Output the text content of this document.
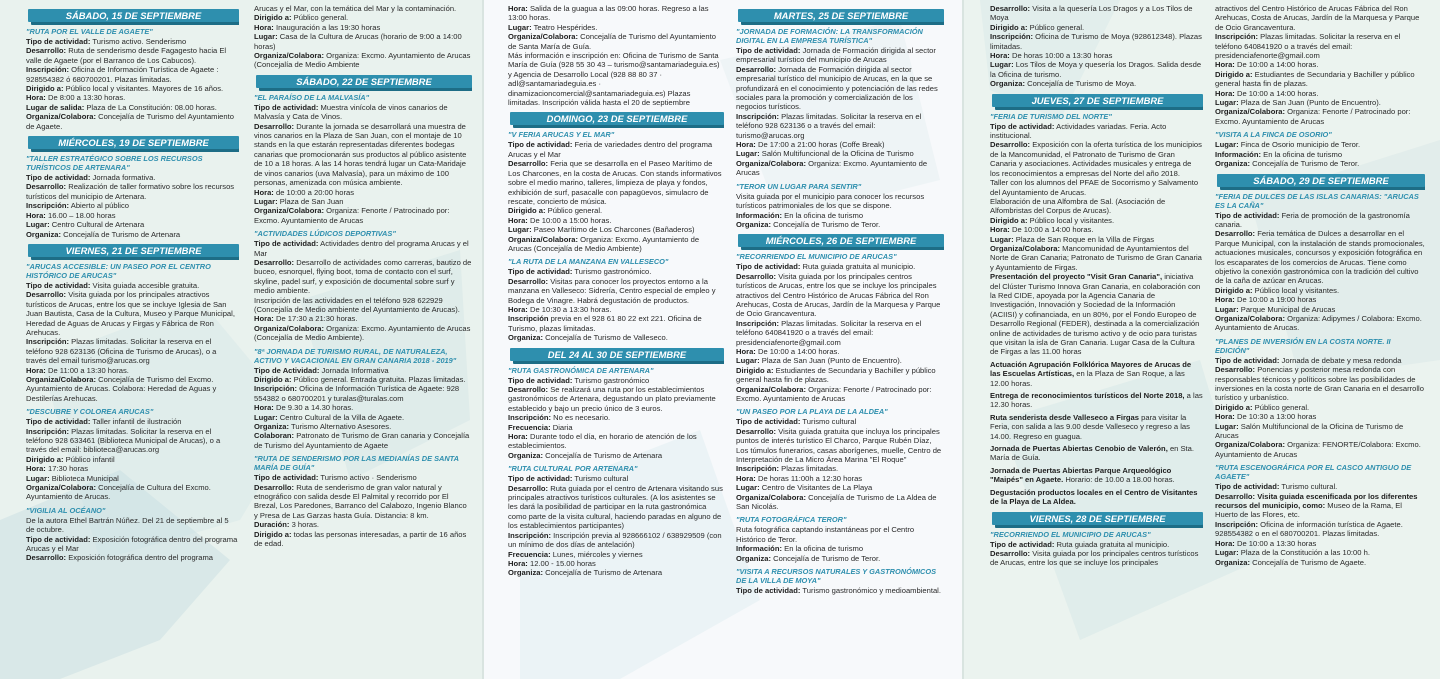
SÁBADO, 15 DE SEPTIEMBRE
"RUTA POR EL VALLE DE AGAETE"
Tipo de actividad: Turismo activo. Senderismo
Desarrollo: Ruta de senderismo desde Fagagesto hacia El valle de Agaete (por el Barranco de Los Cabucos).
Inscripción: Oficina de Información Turística de Agaete : 928554382 ó 680700201. Plazas limitadas.
Dirigido a: Público local y visitantes. Mayores de 16 años.
Hora: De 8:00 a 13:30 horas.
Lugar de salida: Plaza de La Constitución: 08.00 horas.
Organiza/Colabora: Concejalía de Turismo del Ayuntamiento de Agaete.
MIÉRCOLES, 19 DE SEPTIEMBRE
"TALLER ESTRATÉGICO SOBRE LOS RECURSOS TURÍSTICOS DE ARTENARA"
Tipo de actividad: Jornada formativa.
Desarrollo: Realización de taller formativo sobre los recursos turísticos del municipio de Artenara.
Inscripción: Abierto al público
Hora: 16.00 – 18.00 horas
Lugar: Centro Cultural de Artenara
Organiza: Concejalía de Turismo de Artenara
VIERNES, 21 DE SEPTIEMBRE
"ARUCAS ACCESIBLE: UN PASEO POR EL CENTRO HISTÓRICO DE ARUCAS"
Tipo de actividad: Visita guiada accesible gratuita.
Desarrollo: Visita guiada por los principales atractivos turísticos de Arucas, entre los que se incluye Iglesia de San Juan Bautista, Casa de la Cultura, Museo y Parque Municipal, Heredad de Aguas de Arucas y Firgas y Fábrica de Ron Arehucas.
Inscripción: Plazas limitadas. Solicitar la reserva en el teléfono 928 623136 (Oficina de Turismo de Arucas), o a través del email turismo@arucas.org
Hora: De 11:00 a 13:30 horas.
Organiza/Colabora: Concejalía de Turismo del Excmo. Ayuntamiento de Arucas. Colabora: Heredad de Aguas y Destilerías Arehucas.
"DESCUBRE Y COLOREA ARUCAS"
Tipo de actividad: Taller infantil de ilustración
Inscripción: Plazas limitadas. Solicitar la reserva en el teléfono 928 633461 (Biblioteca Municipal de Arucas), o a través del email: biblioteca@arucas.org
Dirigido a: Público infantil
Hora: 17:30 horas
Lugar: Biblioteca Municipal
Organiza/Colabora: Concejalía de Cultura del Excmo. Ayuntamiento de Arucas.
"VIGILIA AL OCÉANO"
De la autora Ethel Bartrán Núñez. Del 21 de septiembre al 5 de octubre.
Tipo de actividad: Exposición fotográfica dentro del programa Arucas y el Mar
Desarrollo: Exposición fotográfica dentro del programa
Arucas y el Mar, con la temática del Mar y la contaminación.
Dirigido a: Público general.
Hora: Inauguración a las 19:30 horas
Lugar: Casa de la Cultura de Arucas (horario de 9:00 a 14:00 horas)
Organiza/Colabora: Organiza: Excmo. Ayuntamiento de Arucas (Concejalía de Medio Ambiente
SÁBADO, 22 DE SEPTIEMBRE
"EL PARAÍSO DE LA MALVASÍA"
Tipo de actividad: Muestra vinícola de vinos canarios de Malvasía y Cata de Vinos.
Desarrollo: Durante la jornada se desarrollará una muestra de vinos canarios en la Plaza de San Juan, con el montaje de 10 stands en la que estarán representadas diferentes bodegas canarias que promocionarán sus productos al público asistente de 10 a 18 horas. A las 14 horas tendrá lugar un Cata-Maridaje de vinos canarios (uva Malvasía), para un máximo de 100 personas, amenizada con música ambiente.
Hora: de 10:00 a 20:00 horas
Lugar: Plaza de San Juan
Organiza/Colabora: Organiza: Fenorte / Patrocinado por: Excmo. Ayuntamiento de Arucas
"ACTIVIDADES LÚDICOS DEPORTIVAS"
Tipo de actividad: Actividades dentro del programa Arucas y el Mar
Desarrollo: Desarrollo de actividades como carreras, bautizo de buceo, esnorquel, flying boot, toma de contacto con el surf, skyline, padel surf, y exposición de documental sobre surf y medio ambiente.
Inscripción de las actividades en el teléfono 928 622929 (Concejalía de Medio ambiente del Ayuntamiento de Arucas).
Hora: De 17:30 a 21:30 horas.
Organiza/Colabora: Organiza: Excmo. Ayuntamiento de Arucas (Concejalía de Medio Ambiente).
"8ª JORNADA DE TURISMO RURAL, DE NATURALEZA, ACTIVO Y VACACIONAL EN GRAN CANARIA 2018 - 2019"
Tipo de Actividad: Jornada Informativa
Dirigido a: Público general. Entrada gratuita. Plazas limitadas.
Inscripción: Oficina de Información Turística de Agaete: 928 554382 o 680700201 y turalas@turalas.com
Hora: De 9.30 a 14.30 horas.
Lugar: Centro Cultural de la Villa de Agaete.
Organiza: Turismo Alternativo Asesores.
Colaboran: Patronato de Turismo de Gran canaria y Concejalía de Turismo del Ayuntamiento de Agaete
"RUTA DE SENDERISMO POR LAS MEDIANÍAS DE SANTA MARÍA DE GUÍA"
Tipo de actividad: Turismo activo · Senderismo
Desarrollo: Ruta de senderismo de gran valor natural y etnográfico con salida desde El Palmital y recorrido por El Brezal, Los Paredones, Barranco del Calabozo, Ingenio Blanco y Presa de Las Garzas hasta Guía. Distancia: 8 km.
Duración: 3 horas.
Dirigido a: todas las personas interesadas, a partir de 16 años de edad.
Hora: Salida de la guagua a las 09:00 horas. Regreso a las 13:00 horas.
Lugar: Teatro Hespérides.
Organiza/Colabora: Concejalía de Turismo del Ayuntamiento de Santa María de Guía.
Más información e inscripción en: Oficina de Turismo de Santa María de Guía (928 55 30 43 – turismo@santamariadeguia.es) y Agencia de Desarrollo Local (928 88 80 37 · adl@santamariadeguia.es · dinamizacioncomercial@santamariadeguia.es) Plazas limitadas. Inscripción válida hasta el 20 de septiembre
DOMINGO, 23 DE SEPTIEMBRE
"V FERIA ARUCAS Y EL MAR"
Tipo de actividad: Feria de variedades dentro del programa Arucas y el Mar
Desarrollo: Feria que se desarrolla en el Paseo Marítimo de Los Charcones, en la costa de Arucas. Con stands informativos sobre el medio marino, talleres, limpieza de playa y fondos, exhibición de surf, pasacalle con papagüevos, simulacro de rescate, concierto de música.
Dirigido a: Público general.
Hora: De 10:00 a 15:00 horas.
Lugar: Paseo Marítimo de Los Charcones (Bañaderos)
Organiza/Colabora: Organiza: Excmo. Ayuntamiento de Arucas (Concejalía de Medio Ambiente)
"LA RUTA DE LA MANZANA EN VALLESECO"
Tipo de actividad: Turismo gastronómico.
Desarrollo: Visitas para conocer los proyectos entorno a la manzana en Valleseco: Sidrería, Centro especial de empleo y Bodega de Vinagre. Habrá degustación de productos.
Hora: De 10:30 a 13:30 horas.
Inscripción previa en el 928 61 80 22 ext 221. Oficina de Turismo, plazas limitadas.
Organiza: Concejalía de Turismo de Valleseco.
DEL 24 AL 30 DE SEPTIEMBRE
"RUTA GASTRONÓMICA DE ARTENARA"
Tipo de actividad: Turismo gastronómico
Desarrollo: Se realizará una ruta por los establecimientos gastronómicos de Artenara, degustando un plato previamente establecido y bajo un precio único de 3 euros.
Inscripción: No es necesario.
Frecuencia: Diaria
Hora: Durante todo el día, en horario de atención de los establecimientos.
Organiza: Concejalía de Turismo de Artenara
"RUTA CULTURAL POR ARTENARA"
Tipo de actividad: Turismo cultural
Desarrollo: Ruta guiada por el centro de Artenara visitando sus principales atractivos turísticos culturales. (A los asistentes se les dará la posibilidad de participar en la ruta gastronómica como parte de la visita cultural, haciendo paradas en alguno de los establecimientos participantes)
Inscripción: Inscripción previa al 928666102 / 638929509 (con un mínimo de dos días de antelación)
Frecuencia: Lunes, miércoles y viernes
Hora: 12.00 - 15.00 horas
Organiza: Concejalía de Turismo de Artenara
MARTES, 25 DE SEPTIEMBRE
"JORNADA DE FORMACIÓN: LA TRANSFORMACIÓN DIGITAL EN LA EMPRESA TURÍSTICA"
Tipo de actividad: Jornada de Formación dirigida al sector empresarial turístico del municipio de Arucas
Desarrollo: Jornada de Formación dirigida al sector empresarial turístico del municipio de Arucas, en la que se profundizará en el conocimiento y potenciación de las redes sociales para la promoción y comercialización de los negocios turísticos.
Inscripción: Plazas limitadas. Solicitar la reserva en el teléfono 928 623136 o a través del email: turismo@arucas.org
Hora: De 17:00 a 21:00 horas (Coffe Break)
Lugar: Salón Multifuncional de la Oficina de Turismo
Organiza/Colabora: Organiza: Excmo. Ayuntamiento de Arucas
"TEROR UN LUGAR PARA SENTIR"
Visita guiada por el municipio para conocer los recursos turísticos patrimoniales de los que se dispone.
Información: En la oficina de turismo
Organiza: Concejalía de Turismo de Teror.
MIÉRCOLES, 26 DE SEPTIEMBRE
"RECORRIENDO EL MUNICIPIO DE ARUCAS"
Tipo de actividad: Ruta guiada gratuita al municipio.
Desarrollo: Visita guiada por los principales centros turísticos de Arucas, entre los que se incluye los principales atractivos del Centro Histórico de Arucas Fábrica del Ron Arehucas, Costa de Arucas, Jardín de la Marquesa y Parque de Ocio Grancaventura.
Inscripción: Plazas limitadas. Solicitar la reserva en el teléfono 640841920 o a través del email: presidenciafenorte@gmail.com
Hora: De 10:00 a 14:00 horas.
Lugar: Plaza de San Juan (Punto de Encuentro).
Dirigido a: Estudiantes de Secundaria y Bachiller y público general hasta fin de plazas.
Organiza/Colabora: Organiza: Fenorte / Patrocinado por: Excmo. Ayuntamiento de Arucas
"UN PASEO POR LA PLAYA DE LA ALDEA"
Tipo de actividad: Turismo cultural
Desarrollo: Visita guiada gratuita que incluya los principales puntos de interés turístico El Charco, Parque Rubén Díaz, Los túmulos funerarios, casas aborígenes, muelle, Centro de Interpretación de La Micro Área Marina "El Roque"
Inscripción: Plazas limitadas.
Hora: De horas 11:00h a 12:30 horas
Lugar: Centro de Visitantes de La Playa
Organiza/Colabora: Concejalía de Turismo de La Aldea de San Nicolás.
"RUTA FOTOGRÁFICA TEROR"
Ruta fotográfica captando instantáneas por el Centro Histórico de Teror.
Información: En la oficina de turismo
Organiza: Concejalía de Turismo de Teror.
"VISITA A RECURSOS NATURALES Y GASTRONÓMICOS DE LA VILLA DE MOYA"
Tipo de actividad: Turismo gastronómico y medioambiental.
Desarrollo: Visita a la quesería Los Dragos y a Los Tilos de Moya
Dirigido a: Público general.
Inscripción: Oficina de Turismo de Moya (928612348). Plazas limitadas.
Hora: De horas 10:00 a 13:30 horas
Lugar: Los Tilos de Moya y quesería los Dragos. Salida desde la Oficina de turismo.
Organiza: Concejalía de Turismo de Moya.
JUEVES, 27 DE SEPTIEMBRE
"FERIA DE TURISMO DEL NORTE"
Tipo de actividad: Actividades variadas. Feria. Acto institucional.
Desarrollo: Exposición con la oferta turística de los municipios de la Mancomunidad, el Patronato de Turismo de Gran Canaria y asociaciones. Actividades musicales y entrega de los reconocimientos a empresas del Norte del año 2018.
Taller con los alumnos del PFAE de Socorrismo y Salvamento del Ayuntamiento de Arucas.
Elaboración de una Alfombra de Sal. (Asociación de Alfombristas del Corpus de Arucas).
Dirigido a: Público local y visitantes.
Hora: De 10:00 a 14:00 horas.
Lugar: Plaza de San Roque en la Villa de Firgas
Organiza/Colabora: Mancomunidad de Ayuntamientos del Norte de Gran Canaria; Patronato de Turismo de Gran Canaria y Ayuntamiento de Firgas.
Presentación del proyecto "Visit Gran Canaria", iniciativa del Clúster Turismo Innova Gran Canaria, en colaboración con la Red CIDE, apoyada por la Agencia Canaria de Investigación, Innovación y Sociedad de la Información (ACIISI) y cofinanciada, en un 80%, por el Fondo Europeo de Desarrollo Regional (FEDER), destinada a la comercialización online de actividades de turismo activo y de ocio para turistas que visitan la isla de Gran Canaria. Lugar Casa de la Cultura de Firgas a las 11.00 horas
Actuación Agrupación Folklórica Mayores de Arucas de las Escuelas Artísticas, en la Plaza de San Roque, a las 12.00 horas.
Entrega de reconocimientos turísticos del Norte 2018, a las 12.30 horas.
Ruta senderista desde Valleseco a Firgas para visitar la Feria, con salida a las 9.00 desde Valleseco y regreso a las 14.00. Regreso en guagua.
Jornada de Puertas Abiertas Cenobio de Valerón, en Sta. María de Guía.
Jornada de Puertas Abiertas Parque Arqueológico "Maipés" en Agaete. Horario: de 10.00 a 18.00 horas.
Degustación productos locales en el Centro de Visitantes de la Playa de La Aldea.
VIERNES, 28 DE SEPTIEMBRE
"RECORRIENDO EL MUNICIPIO DE ARUCAS"
Tipo de actividad: Ruta guiada gratuita al municipio.
Desarrollo: Visita guiada por los principales centros turísticos de Arucas, entre los que se incluye los principales
atractivos del Centro Histórico de Arucas Fábrica del Ron Arehucas, Costa de Arucas, Jardín de la Marquesa y Parque de Ocio Grancaventura.
Inscripción: Plazas limitadas. Solicitar la reserva en el teléfono 640841920 o a través del email: presidenciafenorte@gmail.com
Hora: De 10:00 a 14:00 horas.
Dirigido a: Estudiantes de Secundaria y Bachiller y público general hasta fin de plazas.
Hora: De 10:00 a 14:00 horas.
Lugar: Plaza de San Juan (Punto de Encuentro).
Organiza/Colabora: Organiza: Fenorte / Patrocinado por: Excmo. Ayuntamiento de Arucas
"VISITA A LA FINCA DE OSORIO"
Lugar: Finca de Osorio municipio de Teror.
Información: En la oficina de turismo
Organiza: Concejalía de Turismo de Teror.
SÁBADO, 29 DE SEPTIEMBRE
"FERIA DE DULCES DE LAS ISLAS CANARIAS: "ARUCAS ES LA CAÑA"
Tipo de actividad: Feria de promoción de la gastronomía canaria.
Desarrollo: Feria temática de Dulces a desarrollar en el Parque Municipal, con la instalación de stands promocionales, actuaciones musicales, concursos y exposición fotográfica en los escaparates de los comercios de Arucas. Tiene como objetivo la conexión gastronómica con la tradición del cultivo de la caña de azúcar en Arucas.
Dirigido a: Público local y visitantes.
Hora: De 10:00 a 19:00 horas
Lugar: Parque Municipal de Arucas
Organiza/Colabora: Organiza: Adipymes / Colabora: Excmo. Ayuntamiento de Arucas.
"PLANES DE INVERSIÓN EN LA COSTA NORTE. II EDICIÓN"
Tipo de actividad: Jornada de debate y mesa redonda
Desarrollo: Ponencias y posterior mesa redonda con responsables técnicos y políticos sobre las posibilidades de inversiones en la costa norte de Gran Canaria en el desarrollo turístico y urbanístico.
Dirigido a: Público general.
Hora: De 10:30 a 13:00 horas
Lugar: Salón Multifuncional de la Oficina de Turismo de Arucas
Organiza/Colabora: Organiza: FENORTE/Colabora: Excmo. Ayuntamiento de Arucas
"RUTA ESCENOGRÁFICA POR EL CASCO ANTIGUO DE AGAETE"
Tipo de actividad: Turismo cultural.
Desarrollo: Visita guiada escenificada por los diferentes recursos del municipio, como: Museo de la Rama, El Huerto de las Flores, etc.
Inscripción: Oficina de información turística de Agaete. 928554382 o en el 680700201. Plazas limitadas.
Hora: De 10:00 a 13:30 horas
Lugar: Plaza de la Constitución a las 10:00 h.
Organiza: Concejalía de Turismo de Agaete.
